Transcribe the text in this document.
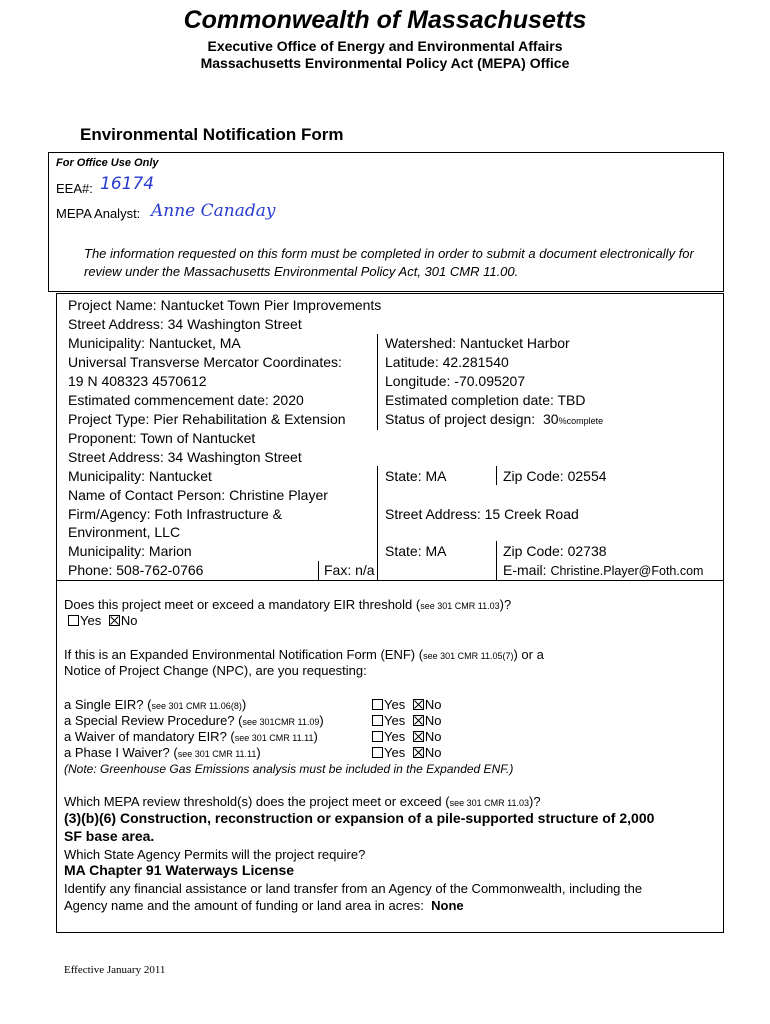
Commonwealth of Massachusetts
Executive Office of Energy and Environmental Affairs
Massachusetts Environmental Policy Act (MEPA) Office
Environmental Notification Form
For Office Use Only
EEA#: 16174
MEPA Analyst: Anne Canaday
The information requested on this form must be completed in order to submit a document electronically for review under the Massachusetts Environmental Policy Act, 301 CMR 11.00.
Project Name: Nantucket Town Pier Improvements
Street Address: 34 Washington Street
Municipality: Nantucket, MA	Watershed: Nantucket Harbor
Universal Transverse Mercator Coordinates:
19 N 408323 4570612
Latitude: 42.281540
Longitude: -70.095207
Estimated commencement date: 2020	Estimated completion date: TBD
Project Type: Pier Rehabilitation & Extension	Status of project design: 30%complete
Proponent: Town of Nantucket
Street Address: 34 Washington Street
Municipality: Nantucket	State: MA	Zip Code: 02554
Name of Contact Person: Christine Player
Firm/Agency: Foth Infrastructure &
Environment, LLC
Street Address: 15 Creek Road
Municipality: Marion	State: MA	Zip Code: 02738
Phone: 508-762-0766	Fax: n/a	E-mail: Christine.Player@Foth.com
Does this project meet or exceed a mandatory EIR threshold (see 301 CMR 11.03)?
Yes No
If this is an Expanded Environmental Notification Form (ENF) (see 301 CMR 11.05(7)) or a
Notice of Project Change (NPC), are you requesting:
a Single EIR? (see 301 CMR 11.06(8))	Yes No
a Special Review Procedure? (see 301CMR 11.09)	Yes No
a Waiver of mandatory EIR? (see 301 CMR 11.11)	Yes No
a Phase I Waiver? (see 301 CMR 11.11)	Yes No
(Note: Greenhouse Gas Emissions analysis must be included in the Expanded ENF.)
Which MEPA review threshold(s) does the project meet or exceed (see 301 CMR 11.03)?
(3)(b)(6) Construction, reconstruction or expansion of a pile-supported structure of 2,000
SF base area.
Which State Agency Permits will the project require?
MA Chapter 91 Waterways License
Identify any financial assistance or land transfer from an Agency of the Commonwealth, including the
Agency name and the amount of funding or land area in acres: None
Effective January 2011
